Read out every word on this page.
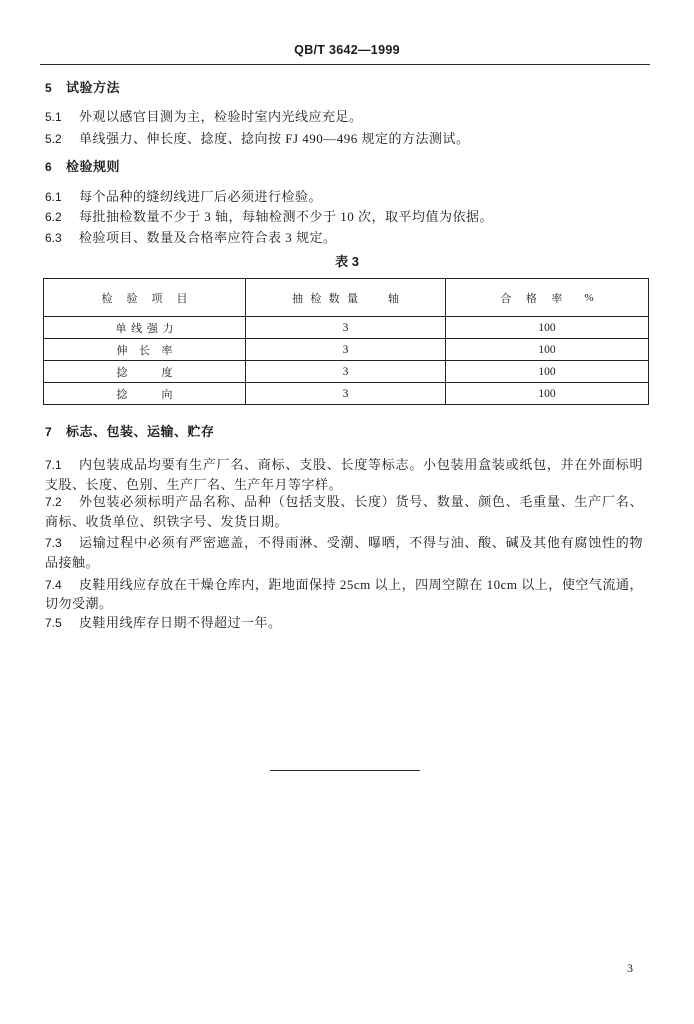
QB/T 3642—1999
5	试验方法
5.1	外观以感官目测为主，检验时室内光线应充足。
5.2	单线强力、伸长度、捻度、捻向按 FJ 490—496 规定的方法测试。
6	检验规则
6.1	每个品种的缝纫线进厂后必须进行检验。
6.2	每批抽检数量不少于 3 轴，每轴检测不少于 10 次，取平均值为依据。
6.3	检验项目、数量及合格率应符合表 3 规定。
表 3
检验项目	抽检数量 轴	合格率 %
单线强力	3	100
伸长率	3	100
捻度	3	100
捻向	3	100
7	标志、包装、运输、贮存
7.1	内包装成品均要有生产厂名、商标、支股、长度等标志。小包装用盒装或纸包，并在外面标明
支股、长度、色别、生产厂名、生产年月等字样。
7.2	外包装必须标明产品名称、品种（包括支股、长度）货号、数量、颜色、毛重量、生产厂名、
商标、收货单位、织铁字号、发货日期。
7.3	运输过程中必须有严密遮盖，不得雨淋、受潮、曝晒，不得与油、酸、碱及其他有腐蚀性的物
品接触。
7.4	皮鞋用线应存放在干燥仓库内，距地面保持 25cm 以上，四周空隙在 10cm 以上，使空气流通，
切勿受潮。
7.5	皮鞋用线库存日期不得超过一年。
3
